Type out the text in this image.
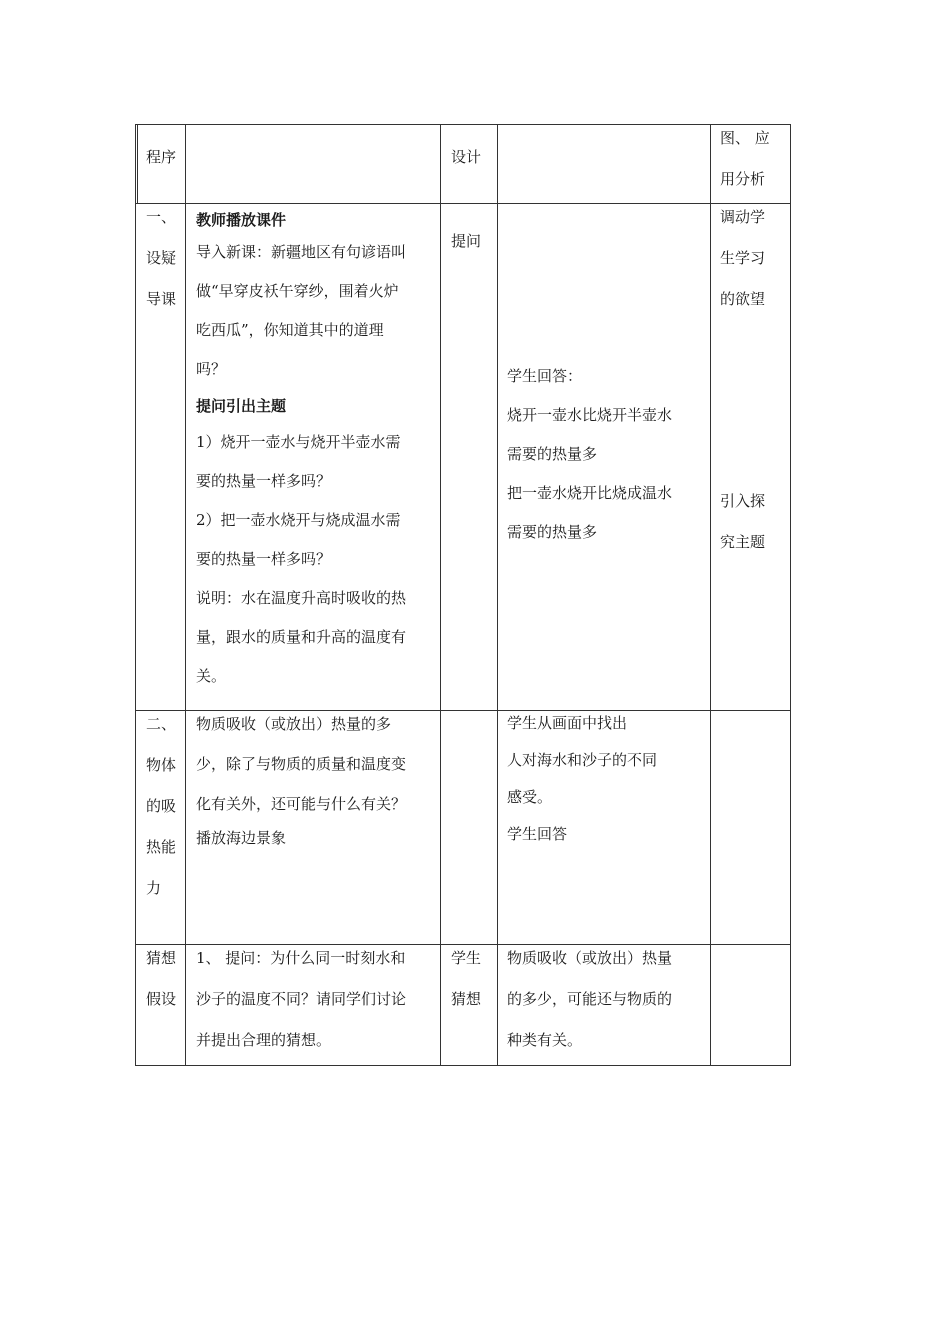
程序	设计
图、 应
用分析
一、
设疑
导课
教师播放课件
导入新课：新疆地区有句谚语叫
做“早穿皮袄午穿纱，围着火炉
吃西瓜”，你知道其中的道理
吗？
提问引出主题
1）烧开一壶水与烧开半壶水需
要的热量一样多吗？
2）把一壶水烧开与烧成温水需
要的热量一样多吗？
说明：水在温度升高时吸收的热
量，跟水的质量和升高的温度有
关。
提问
学生回答：
烧开一壶水比烧开半壶水
需要的热量多
把一壶水烧开比烧成温水
需要的热量多
调动学
生学习
的欲望
引入探
究主题
二、
物体
的吸
热能
力
物质吸收（或放出）热量的多
少，除了与物质的质量和温度变
化有关外，还可能与什么有关？
播放海边景象
学生从画面中找出
人对海水和沙子的不同
感受。
学生回答
猜想
假设
1、 提问：为什么同一时刻水和
沙子的温度不同？请同学们讨论
并提出合理的猜想。
学生
猜想
物质吸收（或放出）热量
的多少，可能还与物质的
种类有关。
